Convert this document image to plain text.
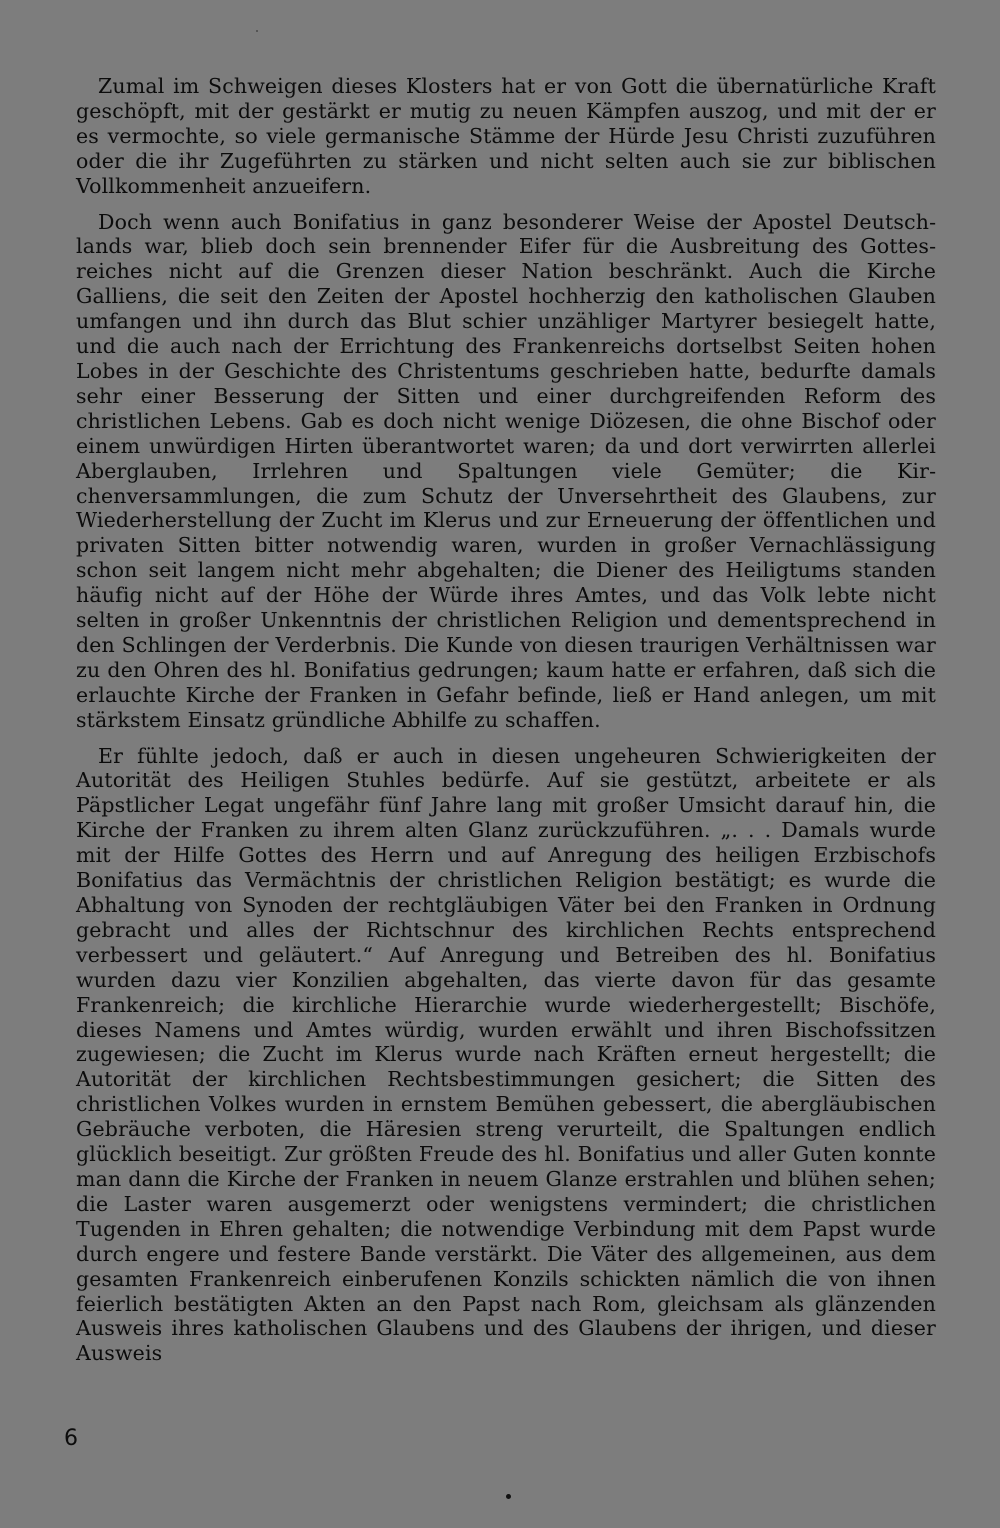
Zumal im Schweigen dieses Klosters hat er von Gott die übernatürliche Kraft geschöpft, mit der gestärkt er mutig zu neuen Kämpfen auszog, und mit der er es vermochte, so viele germanische Stämme der Hürde Jesu Christi zuzuführen oder die ihr Zugeführten zu stärken und nicht selten auch sie zur biblischen Vollkommenheit anzueifern.

Doch wenn auch Bonifatius in ganz besonderer Weise der Apostel Deutschlands war, blieb doch sein brennender Eifer für die Ausbreitung des Gottesreiches nicht auf die Grenzen dieser Nation beschränkt. Auch die Kirche Galliens, die seit den Zeiten der Apostel hochherzig den katholischen Glauben umfangen und ihn durch das Blut schier unzähliger Martyrer besiegelt hatte, und die auch nach der Errichtung des Frankenreichs dortselbst Seiten hohen Lobes in der Geschichte des Christentums geschrieben hatte, bedurfte damals sehr einer Besserung der Sitten und einer durchgreifenden Reform des christlichen Lebens. Gab es doch nicht wenige Diözesen, die ohne Bischof oder einem unwürdigen Hirten überantwortet waren; da und dort verwirrten allerlei Aberglauben, Irrlehren und Spaltungen viele Gemüter; die Kirchenversammlungen, die zum Schutz der Unversehrtheit des Glaubens, zur Wiederherstellung der Zucht im Klerus und zur Erneuerung der öffentlichen und privaten Sitten bitter notwendig waren, wurden in großer Vernachlässigung schon seit langem nicht mehr abgehalten; die Diener des Heiligtums standen häufig nicht auf der Höhe der Würde ihres Amtes, und das Volk lebte nicht selten in großer Unkenntnis der christlichen Religion und dementsprechend in den Schlingen der Verderbnis. Die Kunde von diesen traurigen Verhältnissen war zu den Ohren des hl. Bonifatius gedrungen; kaum hatte er erfahren, daß sich die erlauchte Kirche der Franken in Gefahr befinde, ließ er Hand anlegen, um mit stärkstem Einsatz gründliche Abhilfe zu schaffen.

Er fühlte jedoch, daß er auch in diesen ungeheuren Schwierigkeiten der Autorität des Heiligen Stuhles bedürfe. Auf sie gestützt, arbeitete er als Päpstlicher Legat ungefähr fünf Jahre lang mit großer Umsicht darauf hin, die Kirche der Franken zu ihrem alten Glanz zurückzuführen. „. . . Damals wurde mit der Hilfe Gottes des Herrn und auf Anregung des heiligen Erzbischofs Bonifatius das Vermächtnis der christlichen Religion bestätigt; es wurde die Abhaltung von Synoden der rechtgläubigen Väter bei den Franken in Ordnung gebracht und alles der Richtschnur des kirchlichen Rechts entsprechend verbessert und geläutert.“ Auf Anregung und Betreiben des hl. Bonifatius wurden dazu vier Konzilien abgehalten, das vierte davon für das gesamte Frankenreich; die kirchliche Hierarchie wurde wiederhergestellt; Bischöfe, dieses Namens und Amtes würdig, wurden erwählt und ihren Bischofssitzen zugewiesen; die Zucht im Klerus wurde nach Kräften erneut hergestellt; die Autorität der kirchlichen Rechtsbestimmungen gesichert; die Sitten des christlichen Volkes wurden in ernstem Bemühen gebessert, die abergläubischen Gebräuche verboten, die Häresien streng verurteilt, die Spaltungen endlich glücklich beseitigt. Zur größten Freude des hl. Bonifatius und aller Guten konnte man dann die Kirche der Franken in neuem Glanze erstrahlen und blühen sehen; die Laster waren ausgemerzt oder wenigstens vermindert; die christlichen Tugenden in Ehren gehalten; die notwendige Verbindung mit dem Papst wurde durch engere und festere Bande verstärkt. Die Väter des allgemeinen, aus dem gesamten Frankenreich einberufenen Konzils schickten nämlich die von ihnen feierlich bestätigten Akten an den Papst nach Rom, gleichsam als glänzenden Ausweis ihres katholischen Glaubens und des Glaubens der ihrigen, und dieser Ausweis

6
